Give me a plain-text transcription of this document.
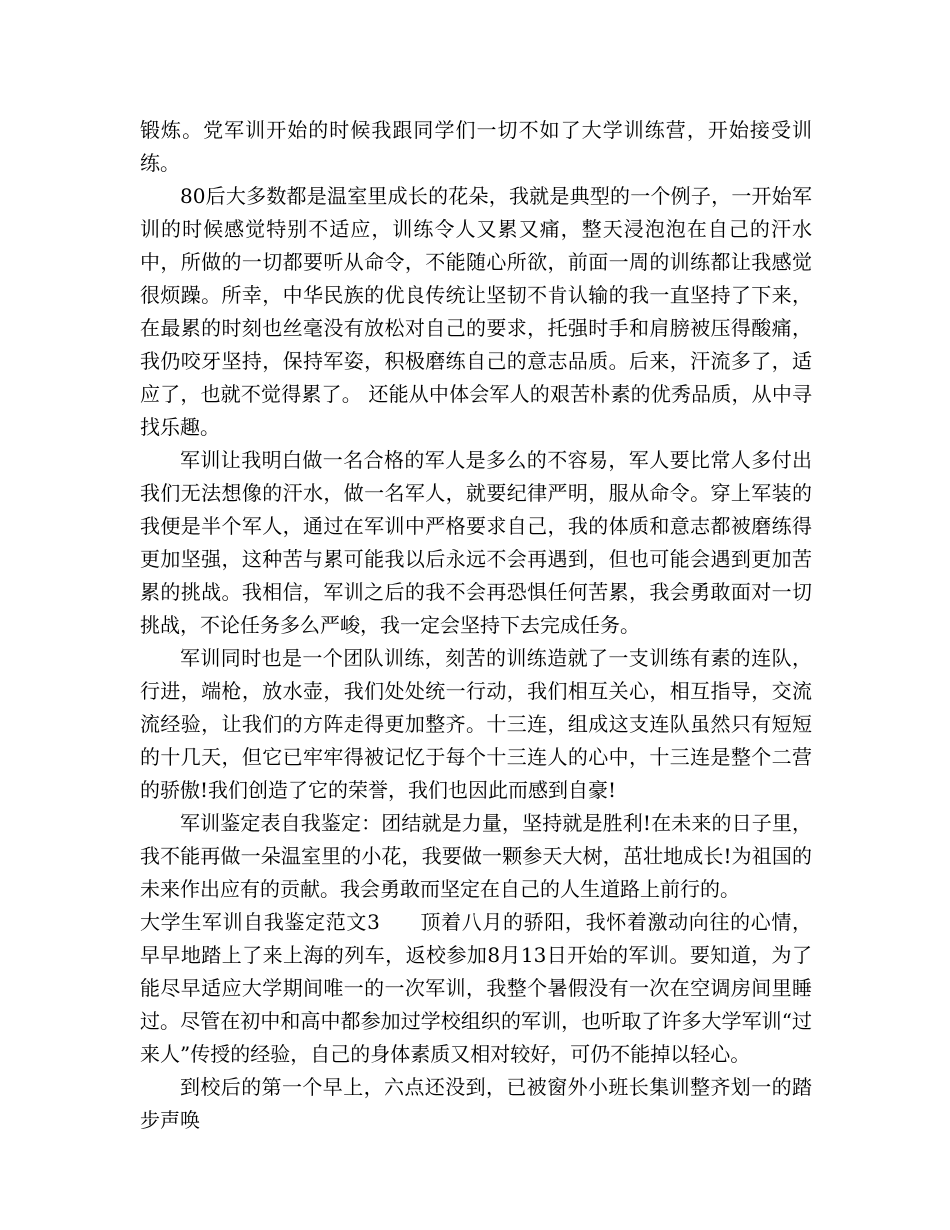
锻炼。党军训开始的时候我跟同学们一切不如了大学训练营，开始接受训练。

80后大多数都是温室里成长的花朵，我就是典型的一个例子，一开始军训的时候感觉特别不适应，训练令人又累又痛，整天浸泡泡在自己的汗水中，所做的一切都要听从命令，不能随心所欲，前面一周的训练都让我感觉很烦躁。所幸，中华民族的优良传统让坚韧不肯认输的我一直坚持了下来，在最累的时刻也丝毫没有放松对自己的要求，托强时手和肩膀被压得酸痛，我仍咬牙坚持，保持军姿，积极磨练自己的意志品质。后来，汗流多了，适应了，也就不觉得累了。 还能从中体会军人的艰苦朴素的优秀品质，从中寻找乐趣。

军训让我明白做一名合格的军人是多么的不容易，军人要比常人多付出我们无法想像的汗水，做一名军人，就要纪律严明，服从命令。穿上军装的我便是半个军人，通过在军训中严格要求自己，我的体质和意志都被磨练得更加坚强，这种苦与累可能我以后永远不会再遇到，但也可能会遇到更加苦累的挑战。我相信，军训之后的我不会再恐惧任何苦累，我会勇敢面对一切挑战，不论任务多么严峻，我一定会坚持下去完成任务。

军训同时也是一个团队训练，刻苦的训练造就了一支训练有素的连队，行进，端枪，放水壶，我们处处统一行动，我们相互关心，相互指导，交流流经验，让我们的方阵走得更加整齐。十三连，组成这支连队虽然只有短短的十几天，但它已牢牢得被记忆于每个十三连人的心中，十三连是整个二营的骄傲!我们创造了它的荣誉，我们也因此而感到自豪!

军训鉴定表自我鉴定：团结就是力量，坚持就是胜利!在未来的日子里，我不能再做一朵温室里的小花，我要做一颗参天大树，茁壮地成长!为祖国的未来作出应有的贡献。我会勇敢而坚定在自己的人生道路上前行的。

大学生军训自我鉴定范文3 顶着八月的骄阳，我怀着激动向往的心情，早早地踏上了来上海的列车，返校参加8月13日开始的军训。要知道，为了能尽早适应大学期间唯一的一次军训，我整个暑假没有一次在空调房间里睡过。尽管在初中和高中都参加过学校组织的军训，也听取了许多大学军训“过来人”传授的经验，自己的身体素质又相对较好，可仍不能掉以轻心。

到校后的第一个早上，六点还没到，已被窗外小班长集训整齐划一的踏步声唤
